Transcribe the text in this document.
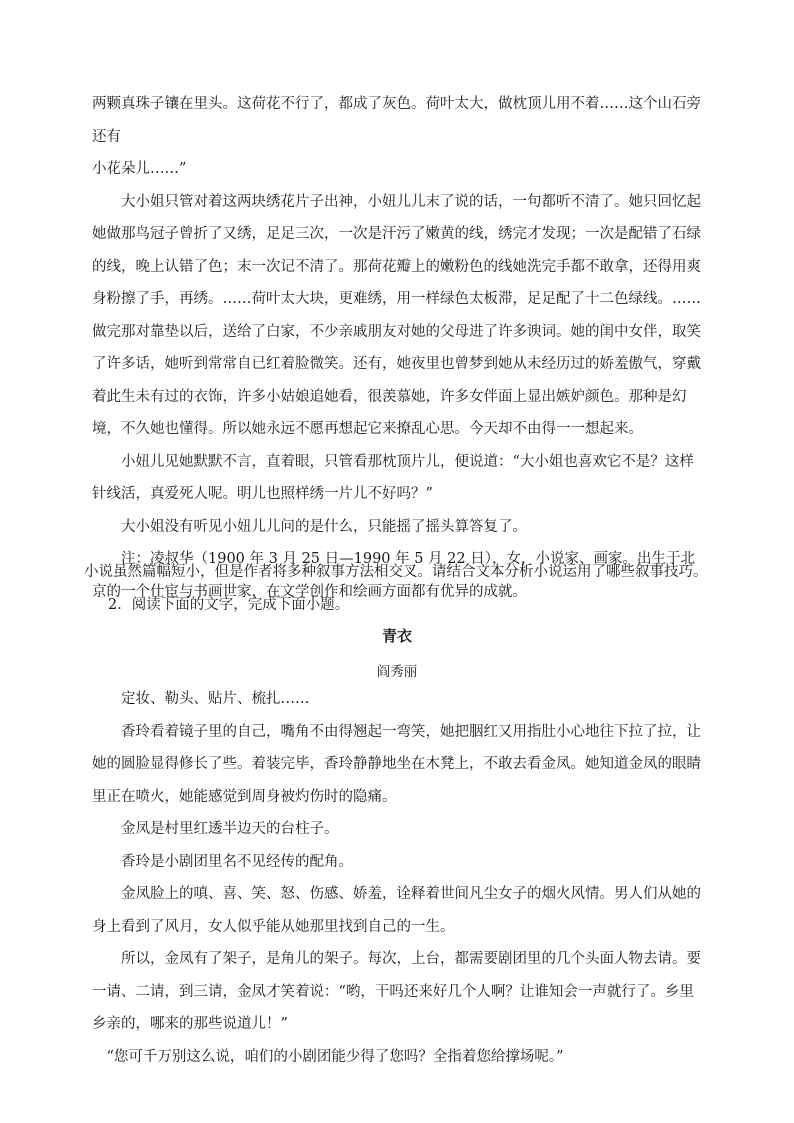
两颗真珠子镶在里头。这荷花不行了，都成了灰色。荷叶太大，做枕顶儿用不着……这个山石旁还有

小花朵儿……”

大小姐只管对着这两块绣花片子出神，小妞儿儿末了说的话，一句都听不清了。她只回忆起她做那鸟冠子曾折了又绣，足足三次，一次是汗污了嫩黄的线，绣完才发现；一次是配错了石绿的线，晚上认错了色；末一次记不清了。那荷花瓣上的嫩粉色的线她洗完手都不敢拿，还得用爽身粉擦了手，再绣。……荷叶太大块，更难绣，用一样绿色太板滞，足足配了十二色绿线。……做完那对靠垫以后，送给了白家，不少亲戚朋友对她的父母进了许多谀词。她的闺中女伴，取笑了许多话，她听到常常自已红着脸微笑。还有，她夜里也曾梦到她从未经历过的娇羞傲气，穿戴着此生未有过的衣饰，许多小姑娘追她看，很羡慕她，许多女伴面上显出嫉妒颜色。那种是幻境，不久她也懂得。所以她永远不愿再想起它来撩乱心思。今天却不由得一一想起来。

小妞儿见她默默不言，直着眼，只管看那枕顶片儿，便说道：“大小姐也喜欢它不是？这样针线活，真爱死人呢。明儿也照样绣一片儿不好吗？”

大小姐没有听见小妞儿儿问的是什么，只能摇了摇头算答复了。

注：凌叔华（1900 年 3 月 25 日—1990 年 5 月 22 日），女，小说家、画家。出生于北京的一个仕宦与书画世家，在文学创作和绘画方面都有优异的成就。

小说虽然篇幅短小，但是作者将多种叙事方法相交叉。请结合文本分析小说运用了哪些叙事技巧。

2．阅读下面的文字，完成下面小题。

青衣
阎秀丽

定妆、勒头、贴片、梳扎……

香玲看着镜子里的自己，嘴角不由得翘起一弯笑，她把胭红又用指肚小心地往下拉了拉，让她的圆脸显得修长了些。着装完毕，香玲静静地坐在木凳上，不敢去看金凤。她知道金凤的眼睛里正在喷火，她能感觉到周身被灼伤时的隐痛。

金凤是村里红透半边天的台柱子。

香玲是小剧团里名不见经传的配角。

金凤脸上的嗔、喜、笑、怒、伤感、娇羞，诠释着世间凡尘女子的烟火风情。男人们从她的身上看到了风月，女人似乎能从她那里找到自己的一生。

所以，金凤有了架子，是角儿的架子。每次，上台，都需要剧团里的几个头面人物去请。要一请、二请，到三请，金凤才笑着说：“哟，干吗还来好几个人啊？让谁知会一声就行了。乡里乡亲的，哪来的那些说道儿！”

“您可千万别这么说，咱们的小剧团能少得了您吗？全指着您给撑场呢。”
